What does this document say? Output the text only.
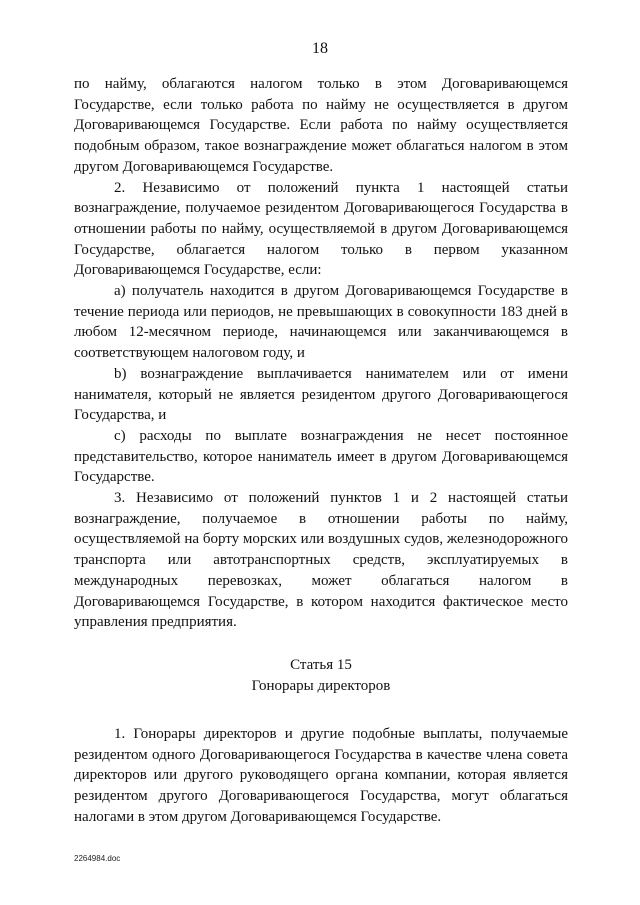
18

по найму, облагаются налогом только в этом Договаривающемся Государстве, если только работа по найму не осуществляется в другом Договаривающемся Государстве. Если работа по найму осуществляется подобным образом, такое вознаграждение может облагаться налогом в этом другом Договаривающемся Государстве.

2. Независимо от положений пункта 1 настоящей статьи вознаграждение, получаемое резидентом Договаривающегося Государства в отношении работы по найму, осуществляемой в другом Договаривающемся Государстве, облагается налогом только в первом указанном Договаривающемся Государстве, если:

a) получатель находится в другом Договаривающемся Государстве в течение периода или периодов, не превышающих в совокупности 183 дней в любом 12-месячном периоде, начинающемся или заканчивающемся в соответствующем налоговом году, и

b) вознаграждение выплачивается нанимателем или от имени нанимателя, который не является резидентом другого Договаривающегося Государства, и

c) расходы по выплате вознаграждения не несет постоянное представительство, которое наниматель имеет в другом Договаривающемся Государстве.

3. Независимо от положений пунктов 1 и 2 настоящей статьи вознаграждение, получаемое в отношении работы по найму, осуществляемой на борту морских или воздушных судов, железнодорожного транспорта или автотранспортных средств, эксплуатируемых в международных перевозках, может облагаться налогом в Договаривающемся Государстве, в котором находится фактическое место управления предприятия.

Статья 15
Гонорары директоров

1. Гонорары директоров и другие подобные выплаты, получаемые резидентом одного Договаривающегося Государства в качестве члена совета директоров или другого руководящего органа компании, которая является резидентом другого Договаривающегося Государства, могут облагаться налогами в этом другом Договаривающемся Государстве.

2264984.doc
